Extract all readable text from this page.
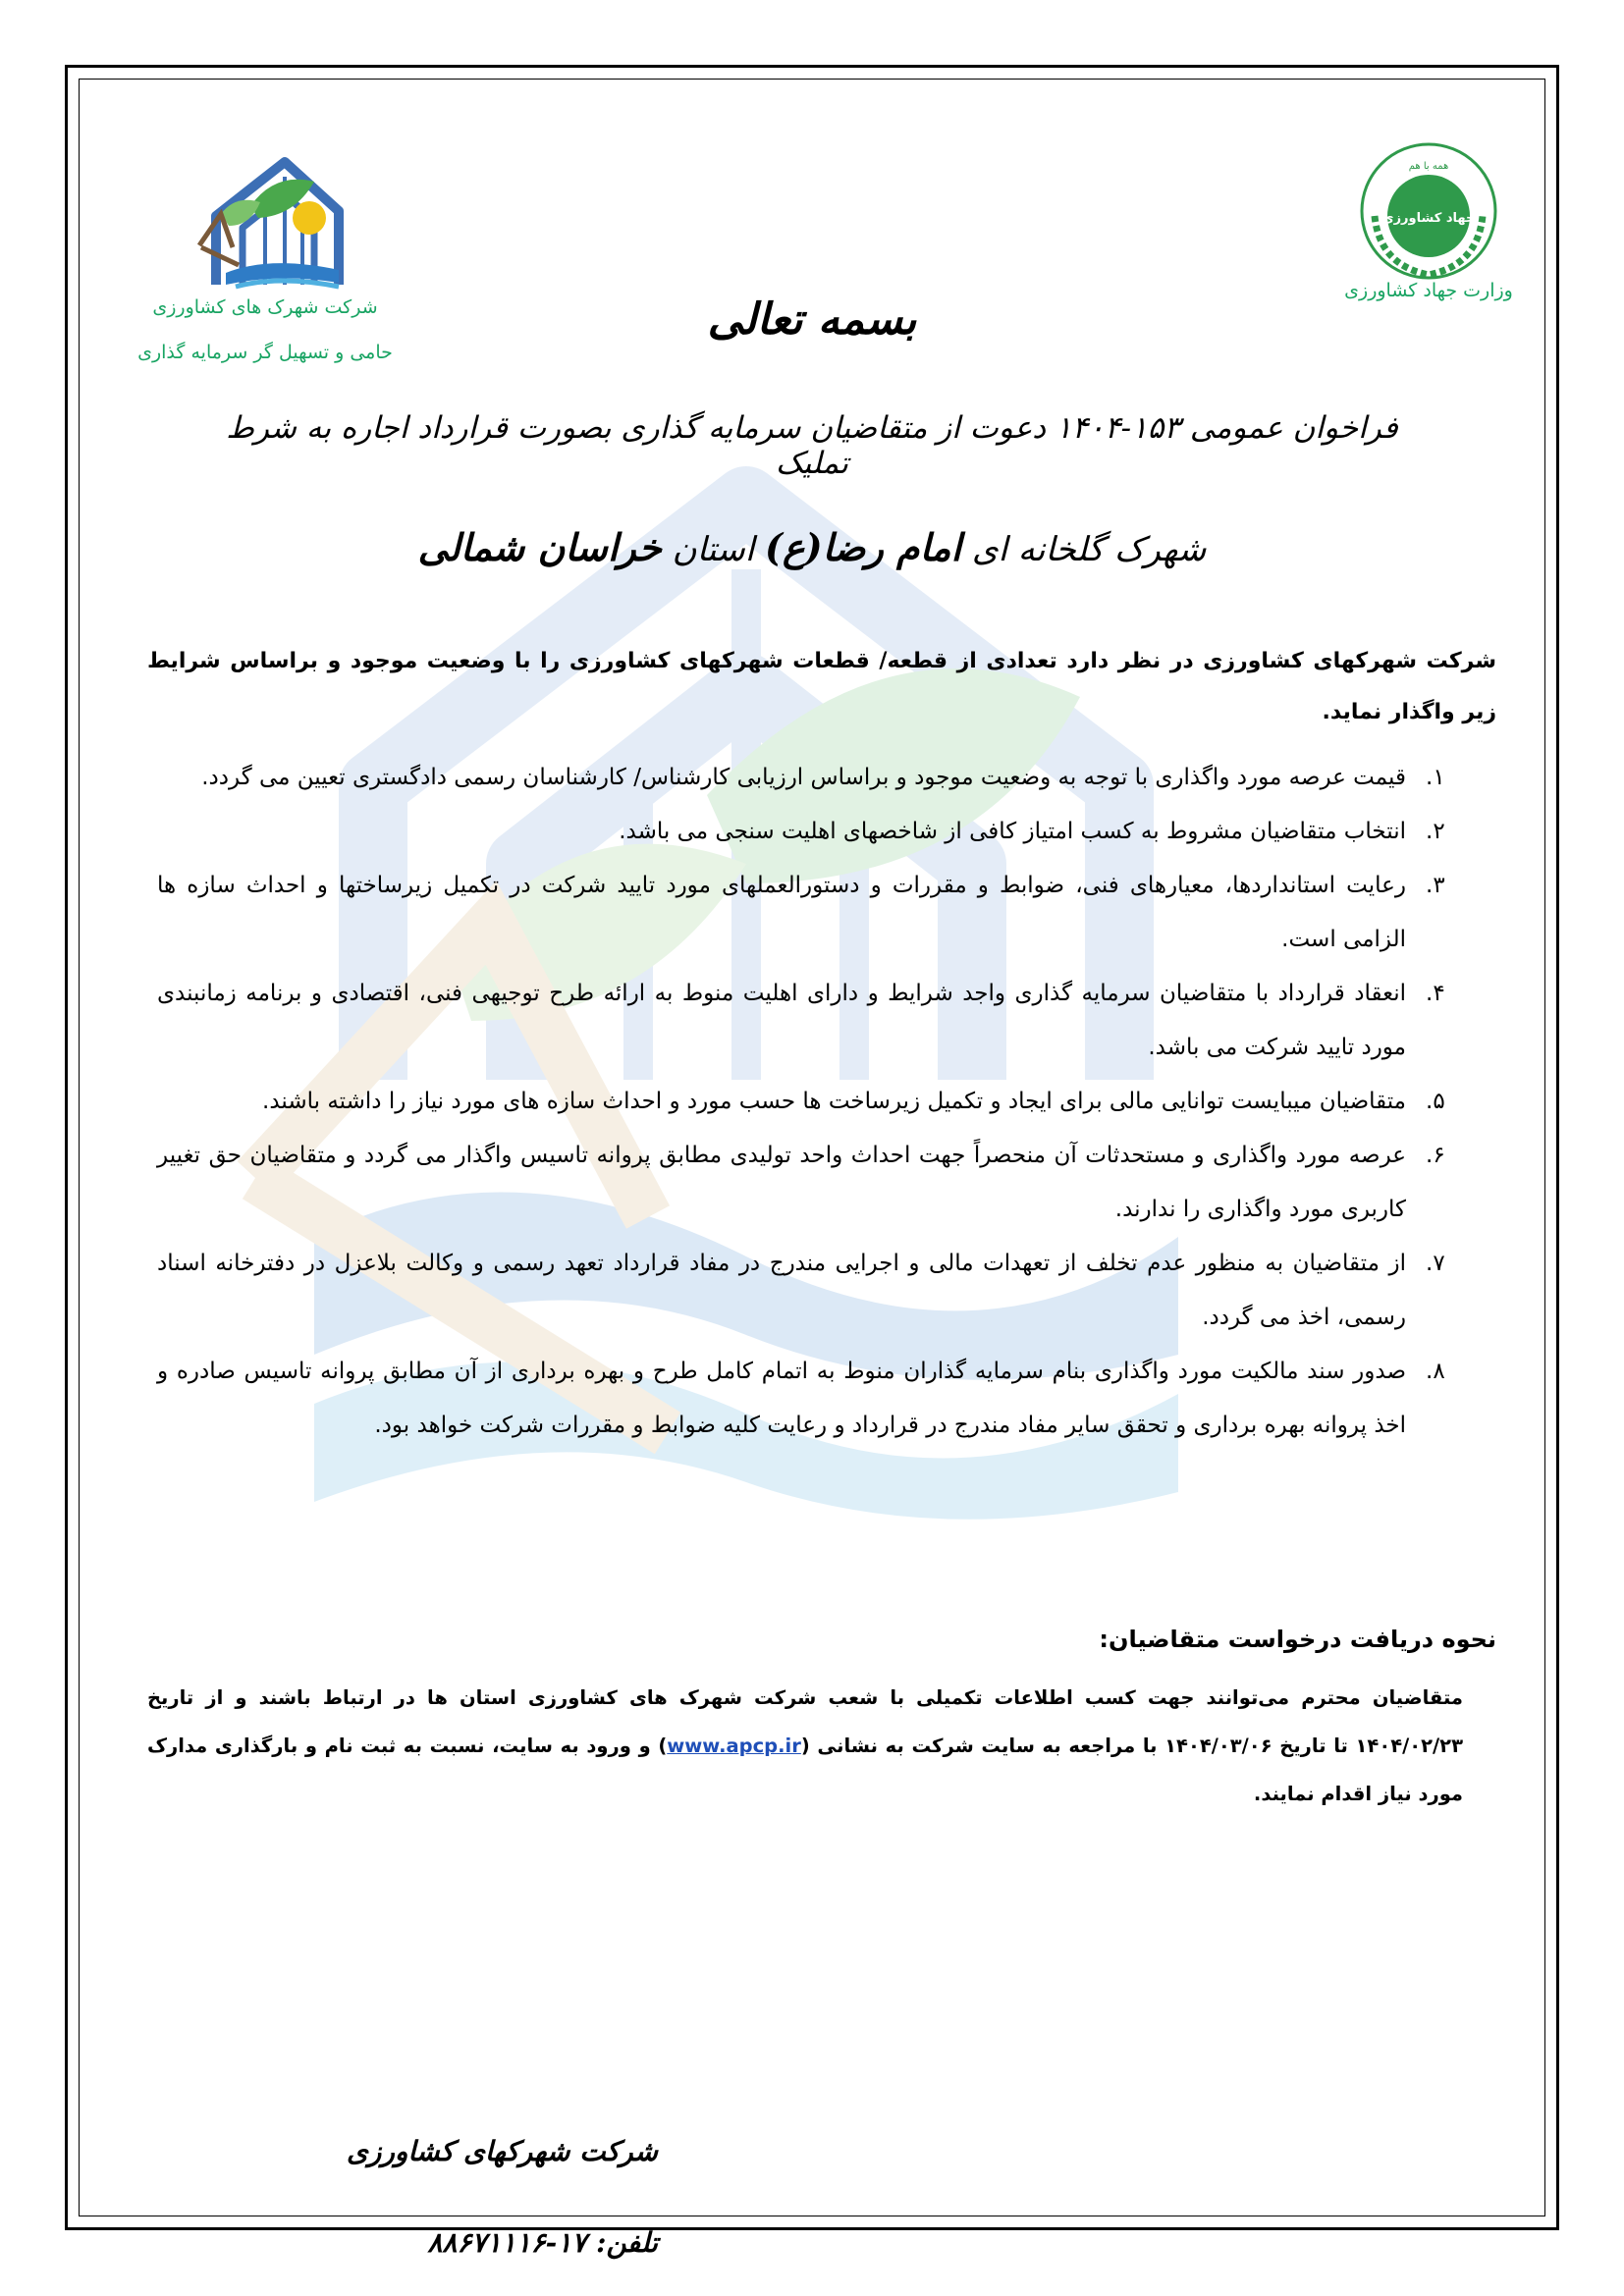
شرکت شهرک های کشاورزی
حامی و تسهیل گر سرمایه گذاری
همه با هم
جهاد کشاورزی
وزارت جهاد کشاورزی
بسمه تعالی
فراخوان عمومی ۱۵۳-۱۴۰۴ دعوت از متقاضیان سرمایه گذاری بصورت قرارداد اجاره به شرط تملیک
شهرک گلخانه ای امام رضا(ع) استان خراسان شمالی
شرکت شهرکهای کشاورزی در نظر دارد تعدادی از قطعه/ قطعات شهرکهای کشاورزی را با وضعیت موجود و براساس شرایط زیر واگذار نماید.
۱.
قیمت عرصه مورد واگذاری با توجه به وضعیت موجود و براساس ارزیابی کارشناس/ کارشناسان رسمی دادگستری تعیین می گردد.
۲.
انتخاب متقاضیان مشروط به کسب امتیاز کافی از شاخصهای اهلیت سنجی می باشد.
۳.
رعایت استانداردها، معیارهای فنی، ضوابط و مقررات و دستورالعملهای مورد تایید شرکت در تکمیل زیرساختها و احداث سازه ها الزامی است.
۴.
انعقاد قرارداد با متقاضیان سرمایه گذاری واجد شرایط و دارای اهلیت منوط به ارائه طرح توجیهی فنی، اقتصادی و برنامه زمانبندی مورد تایید شرکت می باشد.
۵.
متقاضیان میبایست توانایی مالی برای ایجاد و تکمیل زیرساخت ها حسب مورد و احداث سازه های مورد نیاز را داشته باشند.
۶.
عرصه مورد واگذاری و مستحدثات آن منحصراً جهت احداث واحد تولیدی مطابق پروانه تاسیس واگذار می گردد و متقاضیان حق تغییر کاربری مورد واگذاری را ندارند.
۷.
از متقاضیان به منظور عدم تخلف از تعهدات مالی و اجرایی مندرج در مفاد قرارداد تعهد رسمی و وکالت بلاعزل در دفترخانه اسناد رسمی، اخذ می گردد.
۸.
صدور سند مالکیت مورد واگذاری بنام سرمایه گذاران منوط به اتمام کامل طرح و بهره برداری از آن مطابق پروانه تاسیس صادره و اخذ پروانه بهره برداری و تحقق سایر مفاد مندرج در قرارداد و رعایت کلیه ضوابط و مقررات شرکت خواهد بود.
نحوه دریافت درخواست متقاضیان:
متقاضیان محترم می‌توانند جهت کسب اطلاعات تکمیلی با شعب شرکت شهرک های کشاورزی استان ها در ارتباط باشند و از تاریخ ۱۴۰۴/۰۲/۲۳ تا تاریخ ۱۴۰۴/۰۳/۰۶ با مراجعه به سایت شرکت به نشانی (www.apcp.ir) و ورود به سایت، نسبت به ثبت نام و بارگذاری مدارک مورد نیاز اقدام نمایند.
شرکت شهرکهای کشاورزی
تلفن: ۱۷-۸۸۶۷۱۱۱۶
